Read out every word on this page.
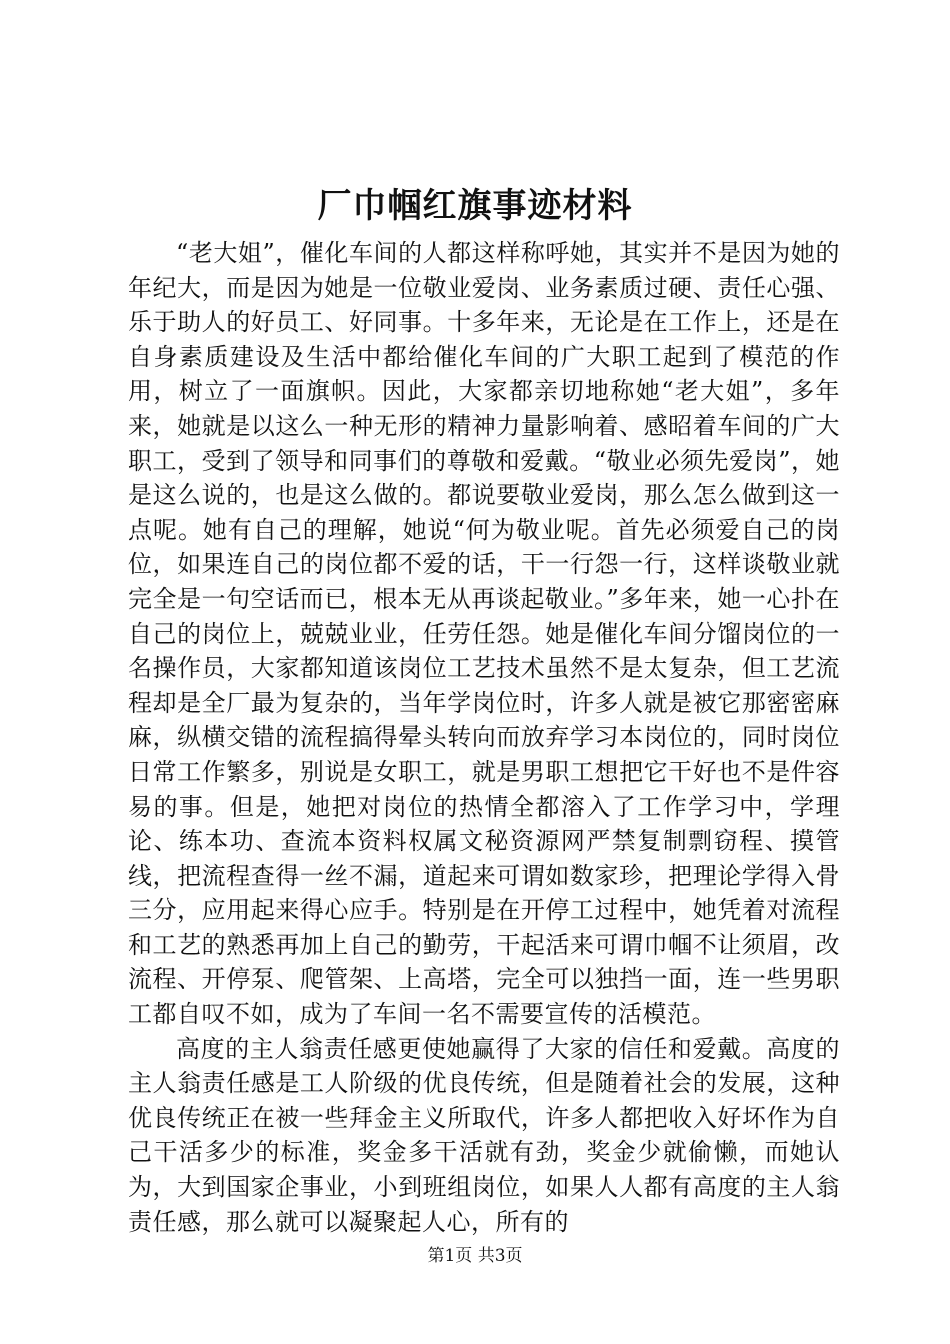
厂巾帼红旗事迹材料

“老大姐”，催化车间的人都这样称呼她，其实并不是因为她的年纪大，而是因为她是一位敬业爱岗、业务素质过硬、责任心强、乐于助人的好员工、好同事。十多年来，无论是在工作上，还是在自身素质建设及生活中都给催化车间的广大职工起到了模范的作用，树立了一面旗帜。因此，大家都亲切地称她“老大姐”，多年来，她就是以这么一种无形的精神力量影响着、感昭着车间的广大职工，受到了领导和同事们的尊敬和爱戴。“敬业必须先爱岗”，她是这么说的，也是这么做的。都说要敬业爱岗，那么怎么做到这一点呢。她有自己的理解，她说“何为敬业呢。首先必须爱自己的岗位，如果连自己的岗位都不爱的话，干一行怨一行，这样谈敬业就完全是一句空话而已，根本无从再谈起敬业。”多年来，她一心扑在自己的岗位上，兢兢业业，任劳任怨。她是催化车间分馏岗位的一名操作员，大家都知道该岗位工艺技术虽然不是太复杂，但工艺流程却是全厂最为复杂的，当年学岗位时，许多人就是被它那密密麻麻，纵横交错的流程搞得晕头转向而放弃学习本岗位的，同时岗位日常工作繁多，别说是女职工，就是男职工想把它干好也不是件容易的事。但是，她把对岗位的热情全都溶入了工作学习中，学理论、练本功、查流本资料权属文秘资源网严禁复制剽窃程、摸管线，把流程查得一丝不漏，道起来可谓如数家珍，把理论学得入骨三分，应用起来得心应手。特别是在开停工过程中，她凭着对流程和工艺的熟悉再加上自己的勤劳，干起活来可谓巾帼不让须眉，改流程、开停泵、爬管架、上高塔，完全可以独挡一面，连一些男职工都自叹不如，成为了车间一名不需要宣传的活模范。

高度的主人翁责任感更使她赢得了大家的信任和爱戴。高度的主人翁责任感是工人阶级的优良传统，但是随着社会的发展，这种优良传统正在被一些拜金主义所取代，许多人都把收入好坏作为自己干活多少的标准，奖金多干活就有劲，奖金少就偷懒，而她认为，大到国家企事业，小到班组岗位，如果人人都有高度的主人翁责任感，那么就可以凝聚起人心，所有的

第1页 共3页
